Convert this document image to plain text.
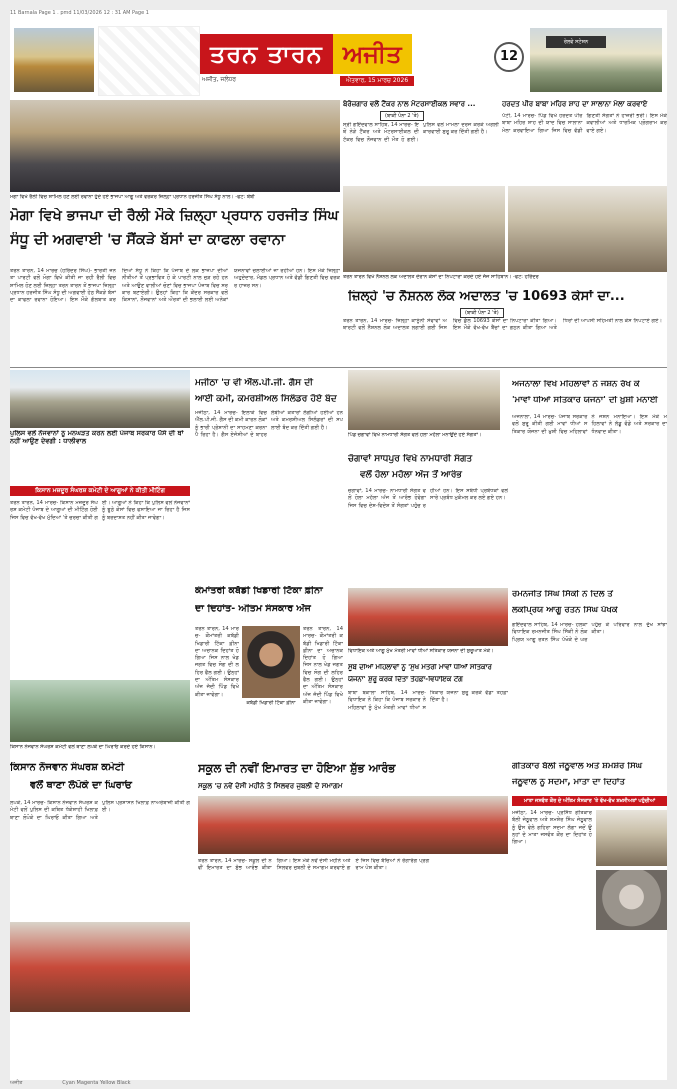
11 Barnala Page 1 . pmd 11/03/2026 12 : 31 AM Page 1
ਤਰਨ ਤਾਰਨ ਅਜੀਤ
ਅਜੀਤ, ਜਲੰਧਰ	ਐਤਵਾਰ, 15 ਮਾਰਚ 2026
12
ਰੇਲਵੇ ਸਟੇਸ਼ਨ
ਮੋਗਾ ਵਿਖੇ ਰੈਲੀ ਵਿਚ ਸ਼ਾਮਿਲ ਹੋਣ ਲਈ ਰਵਾਨਾ ਹੁੰਦੇ ਹੋਏ ਭਾਜਪਾ ਆਗੂ ਅਤੇ ਵਰਕਰ ਜ਼ਿਲ੍ਹਾ ਪ੍ਰਧਾਨ ਹਰਜੀਤ ਸਿੰਘ ਸੰਧੂ ਨਾਲ। -ਫੋਟੋ: ਬੌਬੀ
ਮੋਗਾ ਵਿਖੇ ਭਾਜਪਾ ਦੀ ਰੈਲੀ ਮੌਕੇ ਜ਼ਿਲ੍ਹਾ ਪ੍ਰਧਾਨ ਹਰਜੀਤ ਸਿੰਘ
ਸੰਧੂ ਦੀ ਅਗਵਾਈ 'ਚ ਸੈਂਕੜੇ ਬੱਸਾਂ ਦਾ ਕਾਫਲਾ ਰਵਾਨਾ
ਤਰਨ ਤਾਰਨ, 14 ਮਾਰਚ (ਹਰਿੰਦਰ ਸਿੰਘ)- ਭਾਰਤੀ ਜਨਤਾ ਪਾਰਟੀ ਵਲੋਂ ਮੋਗਾ ਵਿਖੇ ਕੀਤੀ ਜਾ ਰਹੀ ਰੈਲੀ ਵਿਚ ਸ਼ਾਮਿਲ ਹੋਣ ਲਈ ਜ਼ਿਲ੍ਹਾ ਤਰਨ ਤਾਰਨ ਤੋਂ ਭਾਜਪਾ ਜ਼ਿਲ੍ਹਾ ਪ੍ਰਧਾਨ ਹਰਜੀਤ ਸਿੰਘ ਸੰਧੂ ਦੀ ਅਗਵਾਈ ਹੇਠ ਸੈਂਕੜੇ ਬੱਸਾਂ ਦਾ ਕਾਫਲਾ ਰਵਾਨਾ ਹੋਇਆ। ਇਸ ਮੌਕੇ ਗੱਲਬਾਤ ਕਰਦਿਆਂ ਸੰਧੂ ਨੇ ਕਿਹਾ ਕਿ ਪੰਜਾਬ ਦੇ ਲੋਕ ਭਾਜਪਾ ਦੀਆਂ ਨੀਤੀਆਂ ਤੋਂ ਪ੍ਰਭਾਵਿਤ ਹੋ ਕੇ ਪਾਰਟੀ ਨਾਲ ਜੁੜ ਰਹੇ ਹਨ ਅਤੇ ਆਉਣ ਵਾਲੀਆਂ ਚੋਣਾਂ ਵਿਚ ਭਾਜਪਾ ਪੰਜਾਬ ਵਿਚ ਸਰਕਾਰ ਬਣਾਏਗੀ। ਉਨ੍ਹਾਂ ਕਿਹਾ ਕਿ ਕੇਂਦਰ ਸਰਕਾਰ ਵਲੋਂ ਕਿਸਾਨਾਂ, ਨੌਜਵਾਨਾਂ ਅਤੇ ਔਰਤਾਂ ਦੀ ਭਲਾਈ ਲਈ ਅਨੇਕਾਂ ਯੋਜਨਾਵਾਂ ਚਲਾਈਆਂ ਜਾ ਰਹੀਆਂ ਹਨ। ਇਸ ਮੌਕੇ ਜ਼ਿਲ੍ਹਾ ਅਹੁਦੇਦਾਰ, ਮੰਡਲ ਪ੍ਰਧਾਨ ਅਤੇ ਵੱਡੀ ਗਿਣਤੀ ਵਿਚ ਵਰਕਰ ਹਾਜ਼ਰ ਸਨ।
ਬੇਰੋਜ਼ਗਾਰ ਵਲੋਂ ਟੈਂਕਰ ਨਾਲ ਮੋਟਰਸਾਈਕਲ ਸਵਾਰ ...
(ਬਾਕੀ ਪੰਨਾ 2 'ਤੇ)
ਸ੍ਰੀ ਗੋਇੰਦਵਾਲ ਸਾਹਿਬ, 14 ਮਾਰਚ- ਇਥੋਂ ਨੇੜੇ ਟੈਂਕਰ ਅਤੇ ਮੋਟਰਸਾਈਕਲ ਦੀ ਟੱਕਰ ਵਿਚ ਨੌਜਵਾਨ ਦੀ ਮੌਤ ਹੋ ਗਈ। ਪੁਲਿਸ ਵਲੋਂ ਮਾਮਲਾ ਦਰਜ ਕਰਕੇ ਅਗਲੀ ਕਾਰਵਾਈ ਸ਼ੁਰੂ ਕਰ ਦਿੱਤੀ ਗਈ ਹੈ।
ਹਰਦਤ ਪੀਰ ਬਾਬਾ ਮਹਿਰ ਸ਼ਾਹ ਦਾ ਸਾਲਾਨਾ ਮੇਲਾ ਕਰਵਾਏ
ਪੱਟੀ, 14 ਮਾਰਚ- ਪਿੰਡ ਵਿਖੇ ਹਰਦਤ ਪੀਰ ਬਾਬਾ ਮਹਿਰ ਸ਼ਾਹ ਦੀ ਯਾਦ ਵਿਚ ਸਾਲਾਨਾ ਮੇਲਾ ਕਰਵਾਇਆ ਗਿਆ ਜਿਸ ਵਿਚ ਵੱਡੀ ਗਿਣਤੀ ਸੰਗਤਾਂ ਨੇ ਹਾਜ਼ਰੀ ਭਰੀ। ਇਸ ਮੌਕੇ ਕਵਾਲੀਆਂ ਅਤੇ ਧਾਰਮਿਕ ਪ੍ਰੋਗਰਾਮ ਕਰਵਾਏ ਗਏ।
ਤਰਨ ਤਾਰਨ ਵਿਖੇ ਨੈਸ਼ਨਲ ਲੋਕ ਅਦਾਲਤ ਦੌਰਾਨ ਕੇਸਾਂ ਦਾ ਨਿਪਟਾਰਾ ਕਰਦੇ ਹੋਏ ਜੱਜ ਸਾਹਿਬਾਨ। -ਫੋਟੋ: ਹਰਿੰਦਰ
ਜ਼ਿਲ੍ਹੇ 'ਚ ਨੈਸ਼ਨਲ ਲੋਕ ਅਦਾਲਤ 'ਚ 10693 ਕੇਸਾਂ ਦਾ...
(ਬਾਕੀ ਪੰਨਾ 2 'ਤੇ)
ਤਰਨ ਤਾਰਨ, 14 ਮਾਰਚ- ਜ਼ਿਲ੍ਹਾ ਕਾਨੂੰਨੀ ਸੇਵਾਵਾਂ ਅਥਾਰਟੀ ਵਲੋਂ ਨੈਸ਼ਨਲ ਲੋਕ ਅਦਾਲਤ ਲਗਾਈ ਗਈ ਜਿਸ ਵਿਚ ਕੁੱਲ 10693 ਕੇਸਾਂ ਦਾ ਨਿਪਟਾਰਾ ਕੀਤਾ ਗਿਆ। ਇਸ ਮੌਕੇ ਵੱਖ-ਵੱਖ ਬੈਂਚਾਂ ਦਾ ਗਠਨ ਕੀਤਾ ਗਿਆ ਅਤੇ ਧਿਰਾਂ ਦੀ ਆਪਸੀ ਸਹਿਮਤੀ ਨਾਲ ਕੇਸ ਨਿਪਟਾਏ ਗਏ।
ਪੁਲਿਸ ਵਲੋਂ ਨੌਜਵਾਨਾਂ ਨੂੰ ਮਨਘੜਤ ਕਰਨ ਲਈ ਪੰਜਾਬ ਸਰਕਾਰ ਪੈਸੇ ਦੀ ਥਾਂ ਨਹੀਂ ਆਉਣ ਦੇਵਗੀ : ਧਾਲੀਵਾਲ
ਕਿਸਾਨ ਮਜ਼ਦੂਰ ਸੰਘਰਸ਼ ਕਮੇਟੀ ਦੇ ਆਗੂਆਂ ਨੇ ਕੀਤੀ ਮੀਟਿੰਗ
ਤਰਨ ਤਾਰਨ, 14 ਮਾਰਚ- ਕਿਸਾਨ ਮਜ਼ਦੂਰ ਸੰਘਰਸ਼ ਕਮੇਟੀ ਪੰਜਾਬ ਦੇ ਆਗੂਆਂ ਦੀ ਮੀਟਿੰਗ ਹੋਈ ਜਿਸ ਵਿਚ ਵੱਖ-ਵੱਖ ਮੁੱਦਿਆਂ 'ਤੇ ਚਰਚਾ ਕੀਤੀ ਗਈ। ਆਗੂਆਂ ਨੇ ਕਿਹਾ ਕਿ ਪੁਲਿਸ ਵਲੋਂ ਨੌਜਵਾਨਾਂ ਨੂੰ ਝੂਠੇ ਕੇਸਾਂ ਵਿਚ ਫਸਾਇਆ ਜਾ ਰਿਹਾ ਹੈ ਜਿਸ ਨੂੰ ਬਰਦਾਸ਼ਤ ਨਹੀਂ ਕੀਤਾ ਜਾਵੇਗਾ।
ਮਜੀਠਾ 'ਚ ਵੀ ਐੱਲ.ਪੀ.ਜੀ. ਗੈਸ ਦੀ
ਆਈ ਕਮੀ, ਕਮਰਸ਼ੀਅਲ ਸਿਲੰਡਰ ਹੋਏ ਬੰਦ
ਮਜੀਠਾ, 14 ਮਾਰਚ- ਇਲਾਕੇ ਵਿਚ ਐੱਲ.ਪੀ.ਜੀ. ਗੈਸ ਦੀ ਕਮੀ ਕਾਰਨ ਲੋਕਾਂ ਨੂੰ ਭਾਰੀ ਪ੍ਰੇਸ਼ਾਨੀ ਦਾ ਸਾਹਮਣਾ ਕਰਨਾ ਪੈ ਰਿਹਾ ਹੈ। ਗੈਸ ਏਜੰਸੀਆਂ ਦੇ ਬਾਹਰ ਲੰਬੀਆਂ ਕਤਾਰਾਂ ਲੱਗੀਆਂ ਹੋਈਆਂ ਹਨ ਅਤੇ ਕਮਰਸ਼ੀਅਲ ਸਿਲੰਡਰਾਂ ਦੀ ਸਪਲਾਈ ਬੰਦ ਕਰ ਦਿੱਤੀ ਗਈ ਹੈ।
ਪਿੰਡ ਚੋਗਾਵਾਂ ਵਿਖੇ ਨਾਮਧਾਰੀ ਸੰਗਤ ਵਲੋਂ ਹੋਲਾ ਮਹੱਲਾ ਮਨਾਉਂਦੇ ਹੋਏ ਸੰਗਤਾਂ।
ਚੋਗਾਵਾਂ ਸਾਧਪੁਰ ਵਿਖੇ ਨਾਮਧਾਰੀ ਸੰਗਤ
ਵਲੋਂ ਹੋਲਾ ਮਹੱਲਾ ਅੱਜ ਤੋਂ ਆਰੰਭ
ਚੋਗਾਵਾਂ, 14 ਮਾਰਚ- ਨਾਮਧਾਰੀ ਸੰਗਤ ਵਲੋਂ ਹੋਲਾ ਮਹੱਲਾ ਅੱਜ ਤੋਂ ਆਰੰਭ ਹੋਵੇਗਾ ਜਿਸ ਵਿਚ ਦੇਸ਼-ਵਿਦੇਸ਼ ਤੋਂ ਸੰਗਤਾਂ ਪਹੁੰਚ ਰਹੀਆਂ ਹਨ। ਇਸ ਸਬੰਧੀ ਪ੍ਰਬੰਧਕਾਂ ਵਲੋਂ ਸਾਰੇ ਪ੍ਰਬੰਧ ਮੁਕੰਮਲ ਕਰ ਲਏ ਗਏ ਹਨ।
ਅਜਨਾਲਾ ਵਿਖੇ ਮਹਿਲਾਵਾਂ ਨੇ ਜਸ਼ਨ ਰੱਖ ਕੇ
'ਮਾਵਾਂ ਧੀਆਂ ਸਤਿਕਾਰ ਯੋਜਨਾ' ਦੀ ਖ਼ੁਸ਼ੀ ਮਨਾਈ
ਅਜਨਾਲਾ, 14 ਮਾਰਚ- ਪੰਜਾਬ ਸਰਕਾਰ ਵਲੋਂ ਸ਼ੁਰੂ ਕੀਤੀ ਗਈ ਮਾਵਾਂ ਧੀਆਂ ਸਤਿਕਾਰ ਯੋਜਨਾ ਦੀ ਖ਼ੁਸ਼ੀ ਵਿਚ ਮਹਿਲਾਵਾਂ ਨੇ ਜਸ਼ਨ ਮਨਾਇਆ। ਇਸ ਮੌਕੇ ਮਹਿਲਾਵਾਂ ਨੇ ਲੱਡੂ ਵੰਡੇ ਅਤੇ ਸਰਕਾਰ ਦਾ ਧੰਨਵਾਦ ਕੀਤਾ।
ਕੌਮਾਂਤਰੀ ਕਬੱਡੀ ਖਿਡਾਰੀ ਟਿੱਕਾ ਫ਼ੀਨਾ
ਦਾ ਦਿਹਾਂਤ- ਅੰਤਿਮ ਸੰਸਕਾਰ ਅੱਜ
ਕਬੱਡੀ ਖਿਡਾਰੀ ਟਿੱਕਾ ਫ਼ੀਨਾ
ਤਰਨ ਤਾਰਨ, 14 ਮਾਰਚ- ਕੌਮਾਂਤਰੀ ਕਬੱਡੀ ਖਿਡਾਰੀ ਟਿੱਕਾ ਫ਼ੀਨਾ ਦਾ ਅਚਾਨਕ ਦਿਹਾਂਤ ਹੋ ਗਿਆ ਜਿਸ ਨਾਲ ਖੇਡ ਜਗਤ ਵਿਚ ਸੋਗ ਦੀ ਲਹਿਰ ਫੈਲ ਗਈ। ਉਨ੍ਹਾਂ ਦਾ ਅੰਤਿਮ ਸੰਸਕਾਰ ਅੱਜ ਜੱਦੀ ਪਿੰਡ ਵਿਖੇ ਕੀਤਾ ਜਾਵੇਗਾ।
ਤਰਨ ਤਾਰਨ, 14 ਮਾਰਚ- ਕੌਮਾਂਤਰੀ ਕਬੱਡੀ ਖਿਡਾਰੀ ਟਿੱਕਾ ਫ਼ੀਨਾ ਦਾ ਅਚਾਨਕ ਦਿਹਾਂਤ ਹੋ ਗਿਆ ਜਿਸ ਨਾਲ ਖੇਡ ਜਗਤ ਵਿਚ ਸੋਗ ਦੀ ਲਹਿਰ ਫੈਲ ਗਈ। ਉਨ੍ਹਾਂ ਦਾ ਅੰਤਿਮ ਸੰਸਕਾਰ ਅੱਜ ਜੱਦੀ ਪਿੰਡ ਵਿਖੇ ਕੀਤਾ ਜਾਵੇਗਾ।
ਵਿਧਾਇਕ ਅਤੇ ਆਗੂ ਮੁੱਖ ਮੰਤਰੀ ਮਾਵਾਂ ਧੀਆਂ ਸਤਿਕਾਰ ਯੋਜਨਾ ਦੀ ਸ਼ੁਰੂਆਤ ਮੌਕੇ।
ਸੂਬੇ ਦੀਆਂ ਮਹਿਲਾਵਾਂ ਨੂੰ 'ਮੁੱਖ ਮੰਤਰੀ ਮਾਵਾਂ ਧੀਆਂ ਸਤਿਕਾਰ
ਯੋਜਨਾ' ਸ਼ੁਰੂ ਕਰਕੇ ਦਿੱਤਾ ਤੋਹਫ਼ਾ-ਵਿਧਾਇਕ ਟੌਂਗ
ਬਾਬਾ ਬਕਾਲਾ ਸਾਹਿਬ, 14 ਮਾਰਚ- ਵਿਧਾਇਕ ਨੇ ਕਿਹਾ ਕਿ ਪੰਜਾਬ ਸਰਕਾਰ ਨੇ ਮਹਿਲਾਵਾਂ ਨੂੰ ਮੁੱਖ ਮੰਤਰੀ ਮਾਵਾਂ ਧੀਆਂ ਸਤਿਕਾਰ ਯੋਜਨਾ ਸ਼ੁਰੂ ਕਰਕੇ ਵੱਡਾ ਤੋਹਫ਼ਾ ਦਿੱਤਾ ਹੈ।
ਰਮਨਜੀਤ ਸਿੰਘ ਸਿੱਕੀ ਨੇ ਦਿਲ ਤੋਂ
ਲੋਕਪ੍ਰਿਯ ਆਗੂ ਰਤਨ ਸਿੰਘ ਪੱਖੋਕੇ
ਗੋਇੰਦਵਾਲ ਸਾਹਿਬ, 14 ਮਾਰਚ- ਹਲਕਾ ਵਿਧਾਇਕ ਰਮਨਜੀਤ ਸਿੰਘ ਸਿੱਕੀ ਨੇ ਲੋਕਪ੍ਰਿਯ ਆਗੂ ਰਤਨ ਸਿੰਘ ਪੱਖੋਕੇ ਦੇ ਘਰ ਪਹੁੰਚ ਕੇ ਪਰਿਵਾਰ ਨਾਲ ਦੁੱਖ ਸਾਂਝਾ ਕੀਤਾ।
ਕਿਸਾਨ ਨੌਜਵਾਨ ਸੰਘਰਸ਼ ਕਮੇਟੀ ਵਲੋਂ ਥਾਣਾ ਲੋਪੋਕੇ ਦਾ ਘਿਰਾਓ ਕਰਦੇ ਹੋਏ ਕਿਸਾਨ।
ਕਿਸਾਨ ਨੌਜਵਾਨ ਸੰਘਰਸ਼ ਕਮੇਟੀ
ਵਲੋਂ ਥਾਣਾ ਲੋਪੋਕੇ ਦਾ ਘਿਰਾਓ
ਲੋਪੋਕੇ, 14 ਮਾਰਚ- ਕਿਸਾਨ ਨੌਜਵਾਨ ਸੰਘਰਸ਼ ਕਮੇਟੀ ਵਲੋਂ ਪੁਲਿਸ ਦੀ ਕਥਿਤ ਧੱਕੇਸ਼ਾਹੀ ਖਿਲਾਫ਼ ਥਾਣਾ ਲੋਪੋਕੇ ਦਾ ਘਿਰਾਓ ਕੀਤਾ ਗਿਆ ਅਤੇ ਪੁਲਿਸ ਪ੍ਰਸ਼ਾਸਨ ਖਿਲਾਫ਼ ਨਾਅਰੇਬਾਜ਼ੀ ਕੀਤੀ ਗਈ।
ਸਕੂਲ ਦੀ ਨਵੀਂ ਇਮਾਰਤ ਦਾ ਹੋਇਆ ਸ਼ੁੱਭ ਆਰੰਭ
ਸਕੂਲ 'ਚ ਨਵੇਂ ਦੇਸੀ ਮਹੀਨੇ ਤੇ ਸਿਲਵਰ ਜੁਬਲੀ ਦੇ ਸਮਾਗਮ
ਤਰਨ ਤਾਰਨ, 14 ਮਾਰਚ- ਸਕੂਲ ਦੀ ਨਵੀਂ ਇਮਾਰਤ ਦਾ ਸ਼ੁੱਭ ਆਰੰਭ ਕੀਤਾ ਗਿਆ। ਇਸ ਮੌਕੇ ਨਵੇਂ ਦੇਸੀ ਮਹੀਨੇ ਅਤੇ ਸਿਲਵਰ ਜੁਬਲੀ ਦੇ ਸਮਾਗਮ ਕਰਵਾਏ ਗਏ ਜਿਸ ਵਿਚ ਬੱਚਿਆਂ ਨੇ ਰੰਗਾਰੰਗ ਪ੍ਰੋਗਰਾਮ ਪੇਸ਼ ਕੀਤਾ।
ਗੀਤਕਾਰ ਬੱਲੀ ਜੇਠੂਵਾਲ ਅਤੇ ਸ਼ਮਸ਼ੇਰ ਸਿੰਘ
ਜੇਠੂਵਾਲ ਨੂੰ ਸਦਮਾ, ਮਾਤਾ ਦਾ ਦਿਹਾਂਤ
ਮਾਤਾ ਜਸਵੰਤ ਕੌਰ ਦੇ ਅੰਤਿਮ ਸੰਸਕਾਰ 'ਤੇ ਵੱਖ-ਵੱਖ ਸ਼ਖ਼ਸੀਅਤਾਂ ਪਹੁੰਚੀਆਂ
ਮਜੀਠਾ, 14 ਮਾਰਚ- ਪ੍ਰਸਿੱਧ ਗੀਤਕਾਰ ਬੱਲੀ ਜੇਠੂਵਾਲ ਅਤੇ ਸ਼ਮਸ਼ੇਰ ਸਿੰਘ ਜੇਠੂਵਾਲ ਨੂੰ ਉਸ ਵੇਲੇ ਗਹਿਰਾ ਸਦਮਾ ਲੱਗਾ ਜਦੋਂ ਉਨ੍ਹਾਂ ਦੇ ਮਾਤਾ ਜਸਵੰਤ ਕੌਰ ਦਾ ਦਿਹਾਂਤ ਹੋ ਗਿਆ।
ਅਜੀਤ	Cyan Magenta Yellow Black
